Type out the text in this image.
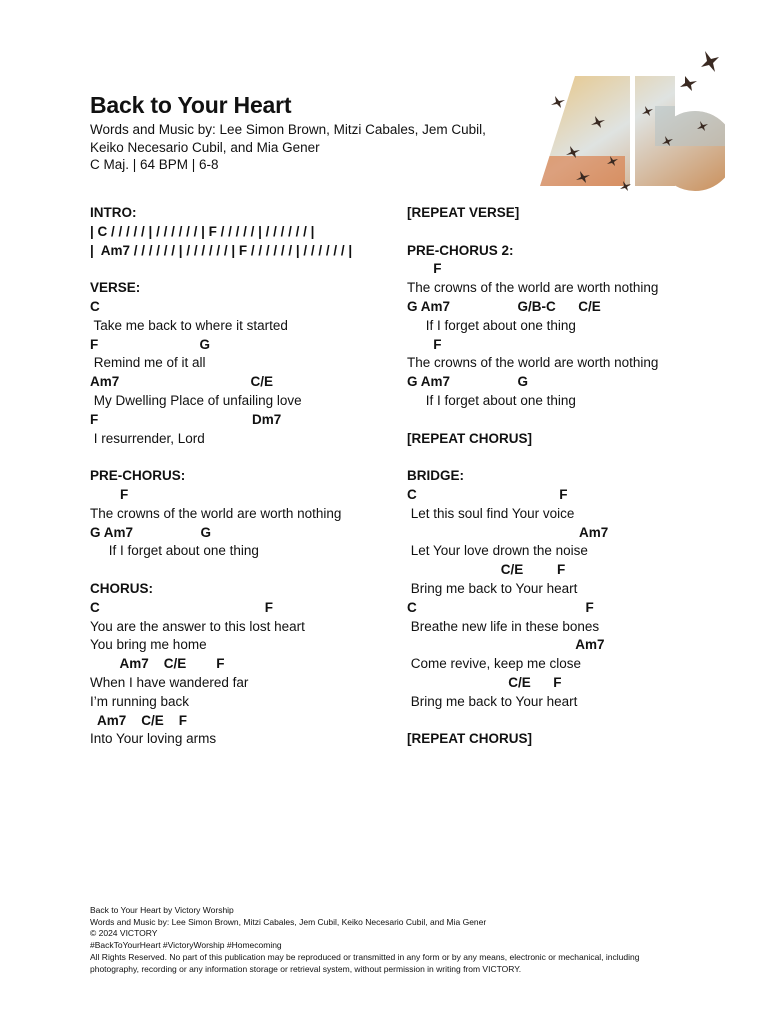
Back to Your Heart
Words and Music by: Lee Simon Brown, Mitzi Cabales, Jem Cubil,
Keiko Necesario Cubil, and Mia Gener
C Maj. | 64 BPM | 6-8
INTRO:
| C / / / / / | / / / / / / | F / / / / / | / / / / / / |
|  Am7 / / / / / / | / / / / / / | F / / / / / / | / / / / / / |
VERSE:
C
Take me back to where it started
F                           G
Remind me of it all
Am7                                   C/E
My Dwelling Place of unfailing love
F                                         Dm7
I resurrender, Lord
PRE-CHORUS:
F
The crowns of the world are worth nothing
G Am7                  G
If I forget about one thing
CHORUS:
C                                            F
You are the answer to this lost heart
You bring me home
Am7    C/E        F
When I have wandered far
I’m running back
Am7    C/E    F
Into Your loving arms
[REPEAT VERSE]
PRE-CHORUS 2:
F
The crowns of the world are worth nothing
G Am7                  G/B-C      C/E
If I forget about one thing
F
The crowns of the world are worth nothing
G Am7                  G
If I forget about one thing
[REPEAT CHORUS]
BRIDGE:
C                                      F
Let this soul find Your voice
Am7
Let Your love drown the noise
C/E         F
Bring me back to Your heart
C                                             F
Breathe new life in these bones
Am7
Come revive, keep me close
C/E      F
Bring me back to Your heart
[REPEAT CHORUS]
Back to Your Heart by Victory Worship
Words and Music by: Lee Simon Brown, Mitzi Cabales, Jem Cubil, Keiko Necesario Cubil, and Mia Gener
© 2024 VICTORY
#BackToYourHeart #VictoryWorship #Homecoming
All Rights Reserved. No part of this publication may be reproduced or transmitted in any form or by any means, electronic or mechanical, including photography, recording or any information storage or retrieval system, without permission in writing from VICTORY.
